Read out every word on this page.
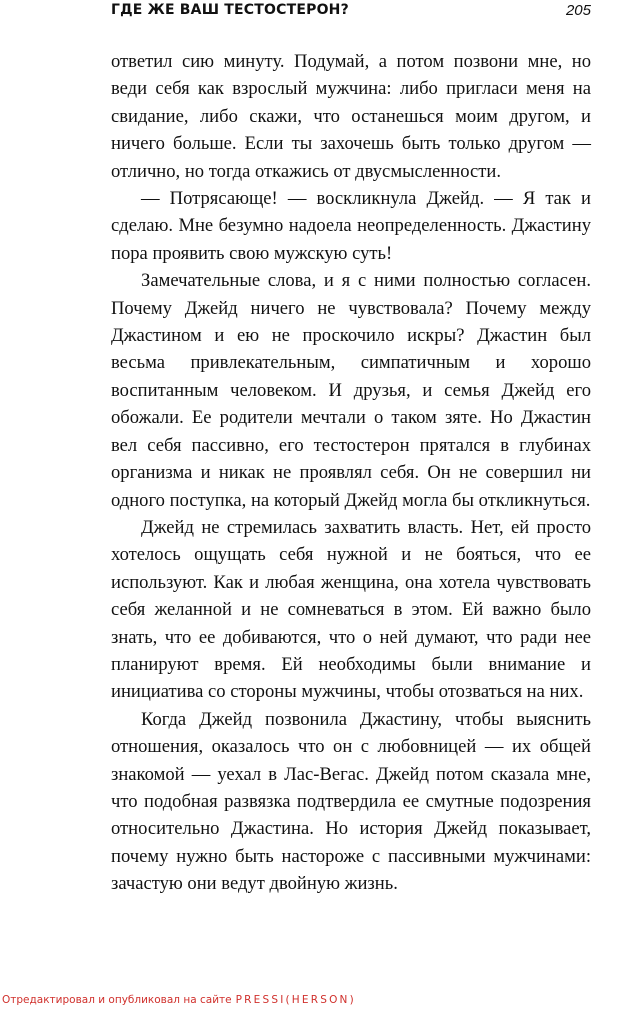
ГДЕ ЖЕ ВАШ ТЕСТОСТЕРОН?	205

ответил сию минуту. Подумай, а потом позвони мне, но веди себя как взрослый мужчина: либо пригласи меня на свидание, либо скажи, что останешься моим другом, и ничего больше. Если ты захочешь быть только другом — отлично, но тогда откажись от двусмысленности.

— Потрясающе! — воскликнула Джейд. — Я так и сделаю. Мне безумно надоела неопределенность. Джастину пора проявить свою мужскую суть!

Замечательные слова, и я с ними полностью согласен. Почему Джейд ничего не чувствовала? Почему между Джастином и ею не проскочило искры? Джастин был весьма привлекательным, симпатичным и хорошо воспитанным человеком. И друзья, и семья Джейд его обожали. Ее родители мечтали о таком зяте. Но Джастин вел себя пассивно, его тестостерон прятался в глубинах организма и никак не проявлял себя. Он не совершил ни одного поступка, на который Джейд могла бы откликнуться.

Джейд не стремилась захватить власть. Нет, ей просто хотелось ощущать себя нужной и не бояться, что ее используют. Как и любая женщина, она хотела чувствовать себя желанной и не сомневаться в этом. Ей важно было знать, что ее добиваются, что о ней думают, что ради нее планируют время. Ей необходимы были внимание и инициатива со стороны мужчины, чтобы отозваться на них.

Когда Джейд позвонила Джастину, чтобы выяснить отношения, оказалось что он с любовницей — их общей знакомой — уехал в Лас-Вегас. Джейд потом сказала мне, что подобная развязка подтвердила ее смутные подозрения относительно Джастина. Но история Джейд показывает, почему нужно быть настороже с пассивными мужчинами: зачастую они ведут двойную жизнь.

Отредактировал и опубликовал на сайте PRESSI(HERSON)
